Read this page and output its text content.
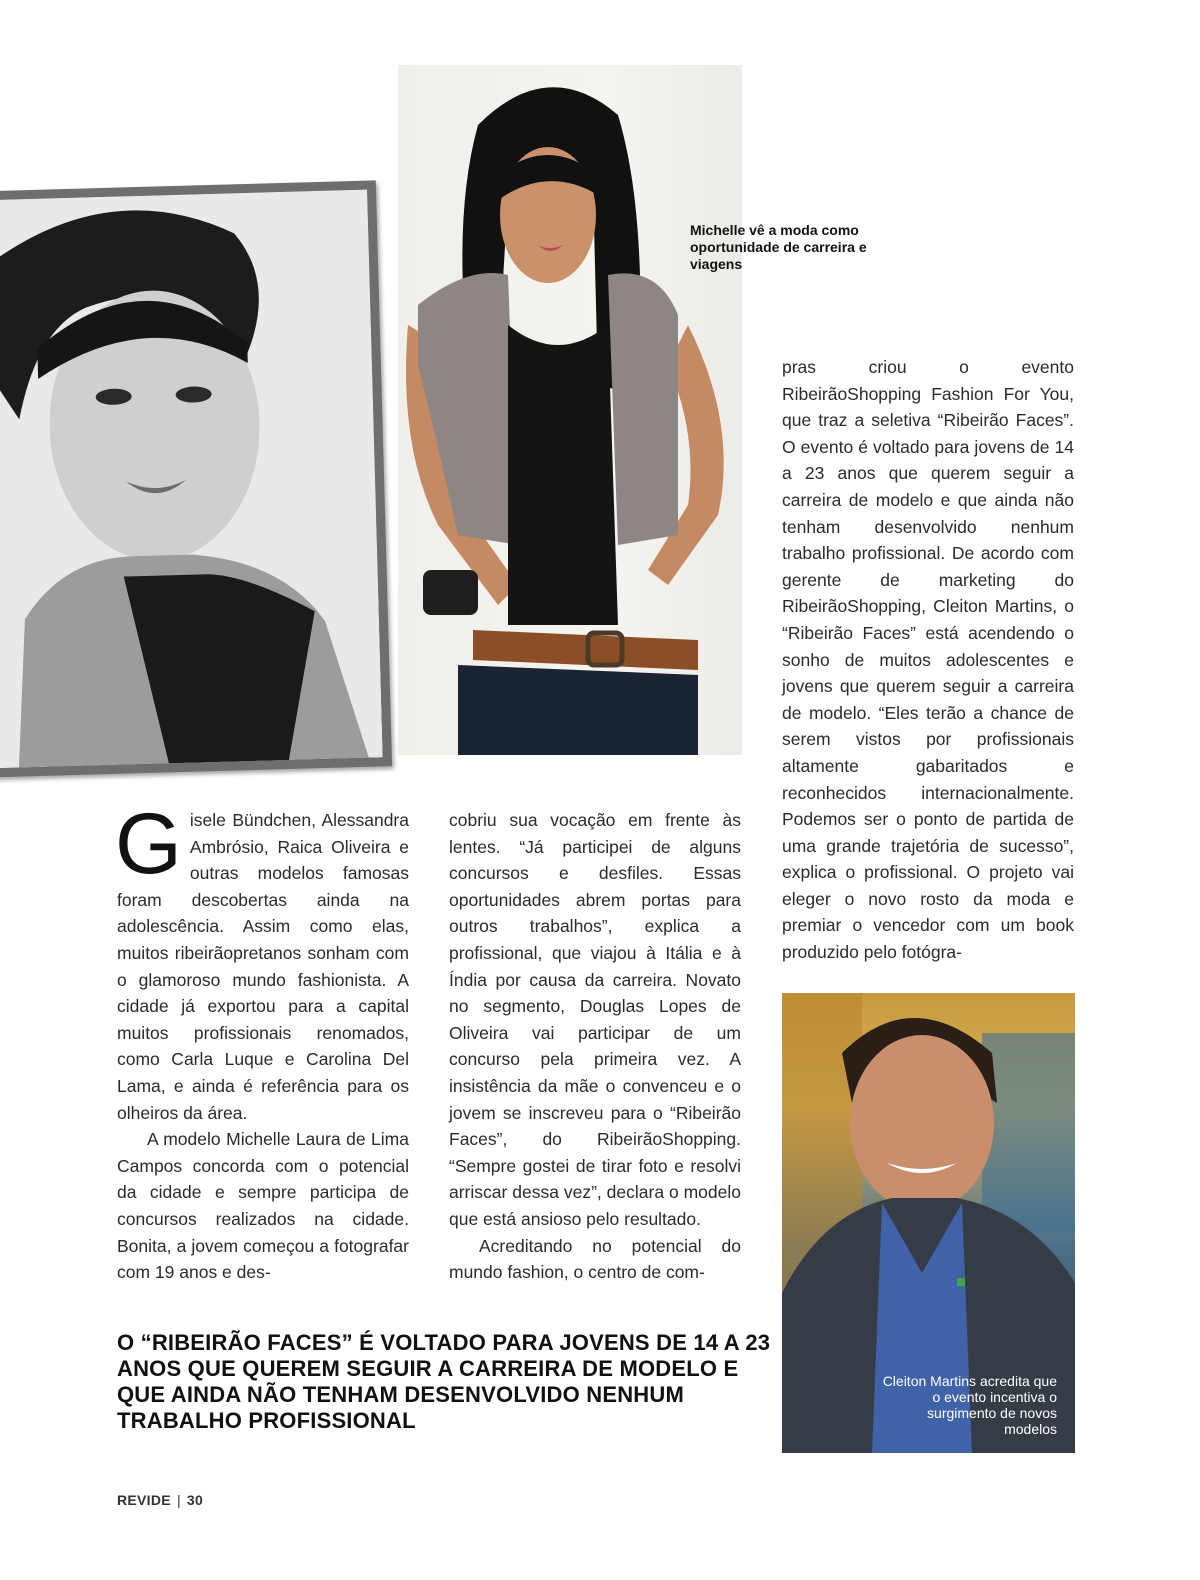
Michelle vê a moda como oportunidade de carreira e viagens

Gisele Bündchen, Alessandra Ambrósio, Raica Oliveira e outras modelos famosas foram descobertas ainda na adolescência. Assim como elas, muitos ribeirãopretanos sonham com o glamoroso mundo fashionista. A cidade já exportou para a capital muitos profissionais renomados, como Carla Luque e Carolina Del Lama, e ainda é referência para os olheiros da área.

A modelo Michelle Laura de Lima Campos concorda com o potencial da cidade e sempre participa de concursos realizados na cidade. Bonita, a jovem começou a fotografar com 19 anos e des-

cobriu sua vocação em frente às lentes. “Já participei de alguns concursos e desfiles. Essas oportunidades abrem portas para outros trabalhos”, explica a profissional, que viajou à Itália e à Índia por causa da carreira. Novato no segmento, Douglas Lopes de Oliveira vai participar de um concurso pela primeira vez. A insistência da mãe o convenceu e o jovem se inscreveu para o “Ribeirão Faces”, do RibeirãoShopping. “Sempre gostei de tirar foto e resolvi arriscar dessa vez”, declara o modelo que está ansioso pelo resultado.

Acreditando no potencial do mundo fashion, o centro de com-

pras criou o evento RibeirãoShopping Fashion For You, que traz a seletiva “Ribeirão Faces”. O evento é voltado para jovens de 14 a 23 anos que querem seguir a carreira de modelo e que ainda não tenham desenvolvido nenhum trabalho profissional. De acordo com gerente de marketing do RibeirãoShopping, Cleiton Martins, o “Ribeirão Faces” está acendendo o sonho de muitos adolescentes e jovens que querem seguir a carreira de modelo. “Eles terão a chance de serem vistos por profissionais altamente gabaritados e reconhecidos internacionalmente. Podemos ser o ponto de partida de uma grande trajetória de sucesso”, explica o profissional. O projeto vai eleger o novo rosto da moda e premiar o vencedor com um book produzido pelo fotógra-

O “RIBEIRÃO FACES” É VOLTADO PARA JOVENS DE 14 A 23 ANOS QUE QUEREM SEGUIR A CARREIRA DE MODELO E QUE AINDA NÃO TENHAM DESENVOLVIDO NENHUM TRABALHO PROFISSIONAL
Cleiton Martins acredita que o evento incentiva o surgimento de novos modelos
REVIDE | 30
